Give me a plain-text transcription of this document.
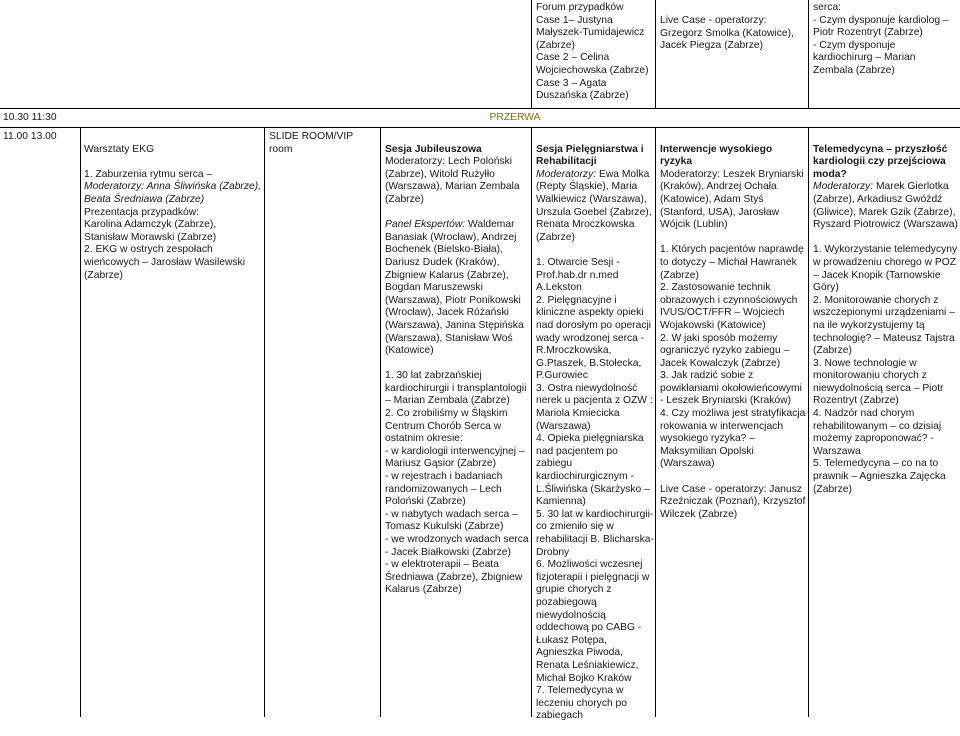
Forum przypadków
Case 1– Justyna Małyszek-Tumidajewicz (Zabrze)
Case 2 – Celina Wojciechowska (Zabrze)
Case 3 – Agata Duszańska (Zabrze)
Live Case - operatorzy: Grzegorz Smolka (Katowice), Jacek Piegza (Zabrze)
serca:
- Czym dysponuje kardiolog – Piotr Rozentryt (Zabrze)
- Czym dysponuje kardiochirurg – Marian Zembala (Zabrze)
10.30 11:30	PRZERWA
11.00 13.00

Warsztaty EKG
1. Zaburzenia rytmu serca –
Moderatorzy: Anna Śliwińska (Zabrze), Beata Średniawa (Zabrze)
Prezentacja przypadków:
Karolina Adamczyk (Zabrze), Stanisław Morawski (Zabrze)
2. EKG w ostrych zespołach wieńcowych – Jarosław Wasilewski (Zabrze)

SLIDE ROOM/VIP room	Sesja Jubileuszowa
Moderatorzy: Lech Poloński (Zabrze), Witold Rużyłło (Warszawa), Marian Zembala (Zabrze)
Panel Ekspertów: Waldemar Banasiak (Wrocław), Andrzej Bochenek (Bielsko-Biała), Dariusz Dudek (Kraków), Zbigniew Kalarus (Zabrze), Bogdan Maruszewski (Warszawa), Piotr Ponikowski (Wrocław), Jacek Różański (Warszawa), Janina Stępińska (Warszawa), Stanisław Woś (Katowice)

1. 30 lat zabrzańskiej kardiochirurgii i transplantologii – Marian Zembala (Zabrze)
2. Co zrobiliśmy w Śląskim Centrum Chorób Serca w ostatnim okresie:
- w kardiologii interwencyjnej – Mariusz Gąsior (Zabrze)
- w rejestrach i badaniach randomizowanych – Lech Poloński (Zabrze)
- w nabytych wadach serca – Tomasz Kukulski (Zabrze)
- we wrodzonych wadach serca - Jacek Białkowski (Zabrze)
- w elektroterapii – Beata Średniawa (Zabrze), Zbigniew Kalarus (Zabrze)

Sesja Pielęgniarstwa i Rehabilitacji
Moderatorzy: Ewa Molka (Repty Śląskie), Maria Walkiewicz (Warszawa), Urszula Goebel (Zabrze), Renata Mroczkowska (Zabrze)

1. Otwarcie Sesji - Prof.hab.dr n.med A.Lekston
2. Pielęgnacyjne i kliniczne aspekty opieki nad dorosłym po operacji wady wrodzonej serca - R.Mroczkowska, G.Ptaszek, B.Stołecka, P.Gurowiec
3. Ostra niewydolność nerek u pacjenta z OZW : Mariola Kmiecicka (Warszawa)
4. Opieka pielęgniarska nad pacjentem po zabiegu kardiochirurgicznym - L.Śliwińska (Skarżysko – Kamienna)
5. 30 lat w kardiochirurgii-co zmieniło się w rehabilitacji B. Blicharska-Drobny
6. Możliwości wczesnej fizjoterapii i pielęgnacji w grupie chorych z pozabiegową niewydolnością oddechową po CABG - Łukasz Potępa, Agnieszka Piwoda, Renata Leśniakiewicz, Michał Bojko Kraków
7. Telemedycyna w leczeniu chorych po zabiegach

Interwencje wysokiego ryzyka
Moderatorzy: Leszek Bryniarski (Kraków), Andrzej Ochała (Katowice), Adam Styś (Stanford, USA), Jarosław Wójcik (Lublin)

1. Których pacjentów naprawdę to dotyczy – Michał Hawranek (Zabrze)
2. Zastosowanie technik obrazowych i czynnościowych IVUS/OCT/FFR – Wojciech Wojakowski (Katowice)
2. W jaki sposób możemy ograniczyć ryzyko zabiegu – Jacek Kowalczyk (Zabrze)
3. Jak radzić sobie z powikłaniami okołowieńcowymi - Leszek Bryniarski (Kraków)
4. Czy możliwa jest stratyfikacja rokowania w interwencjach wysokiego ryzyka? – Maksymilian Opolski (Warszawa)

Live Case - operatorzy: Janusz Rzeźniczak (Poznań), Krzysztof Wilczek (Zabrze)

Telemedycyna – przyszłość kardiologii czy przejściowa moda?
Moderatorzy: Marek Gierlotka (Zabrze), Arkadiusz Gwóźdź (Gliwice), Marek Gzik (Zabrze), Ryszard Piotrowicz (Warszawa)

1. Wykorzystanie telemedycyny w prowadzeniu chorego w POZ – Jacek Knopik (Tarnowskie Góry)
2. Monitorowanie chorych z wszczepionymi urządzeniami – na ile wykorzystujemy tą technologię? – Mateusz Tajstra (Zabrze)
3. Nowe technologie w monitorowaniu chorych z niewydolnością serca – Piotr Rozentryt (Zabrze)
4. Nadzór nad chorym rehabilitowanym – co dzisiaj możemy zaproponować? - Warszawa
5. Telemedycyna – co na to prawnik – Agnieszka Zajęcka (Zabrze)
